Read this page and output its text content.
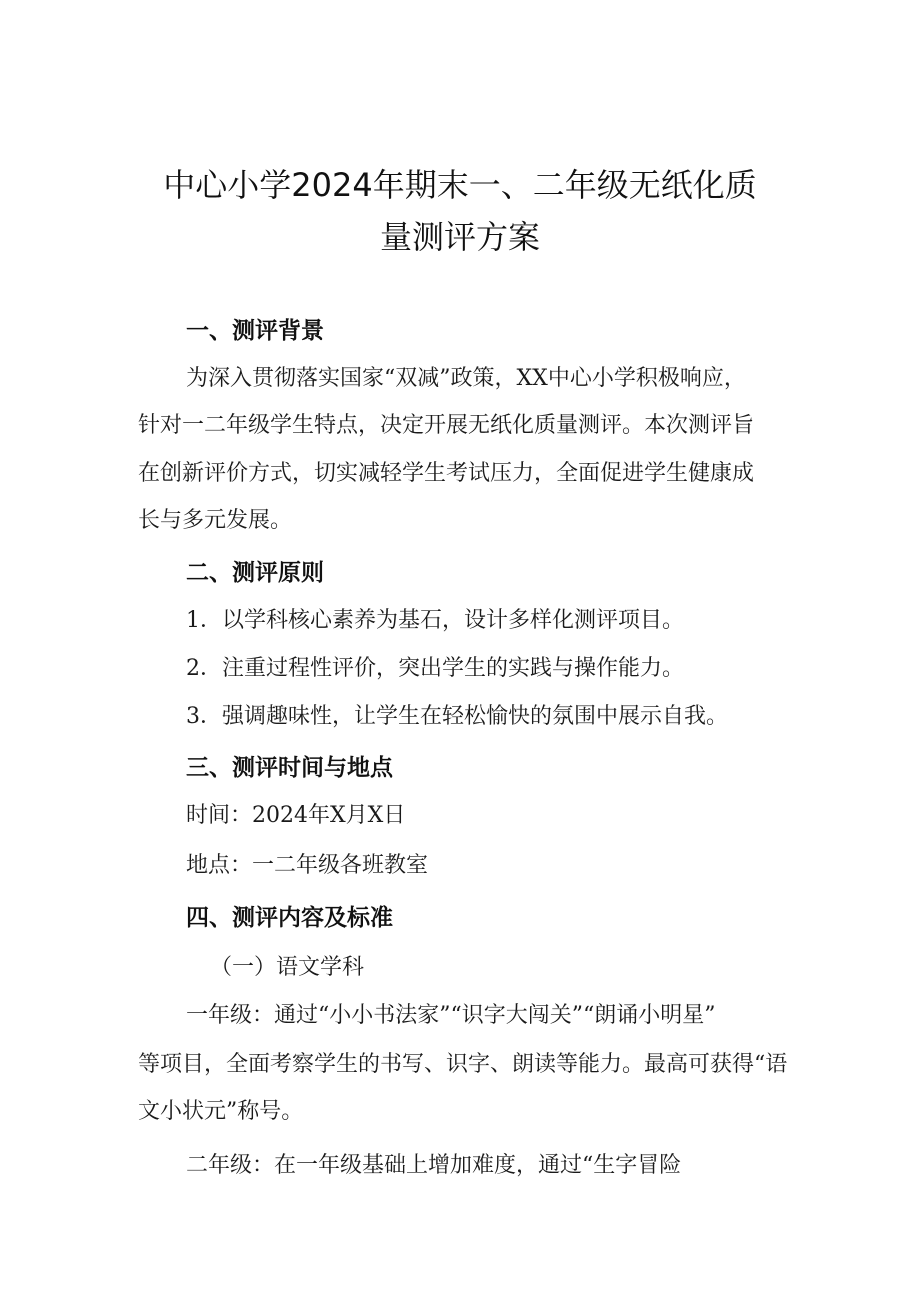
中心小学2024年期末一、二年级无纸化质
量测评方案
一、测评背景
为深入贯彻落实国家“双减”政策，XX中心小学积极响应，
针对一二年级学生特点，决定开展无纸化质量测评。本次测评旨
在创新评价方式，切实减轻学生考试压力，全面促进学生健康成
长与多元发展。
二、测评原则
1．以学科核心素养为基石，设计多样化测评项目。
2．注重过程性评价，突出学生的实践与操作能力。
3．强调趣味性，让学生在轻松愉快的氛围中展示自我。
三、测评时间与地点
时间：2024年X月X日
地点：一二年级各班教室
四、测评内容及标准
（一）语文学科
一年级：通过“小小书法家”“识字大闯关”“朗诵小明星”
等项目，全面考察学生的书写、识字、朗读等能力。最高可获得“语
文小状元”称号。
二年级：在一年级基础上增加难度，通过“生字冒险
